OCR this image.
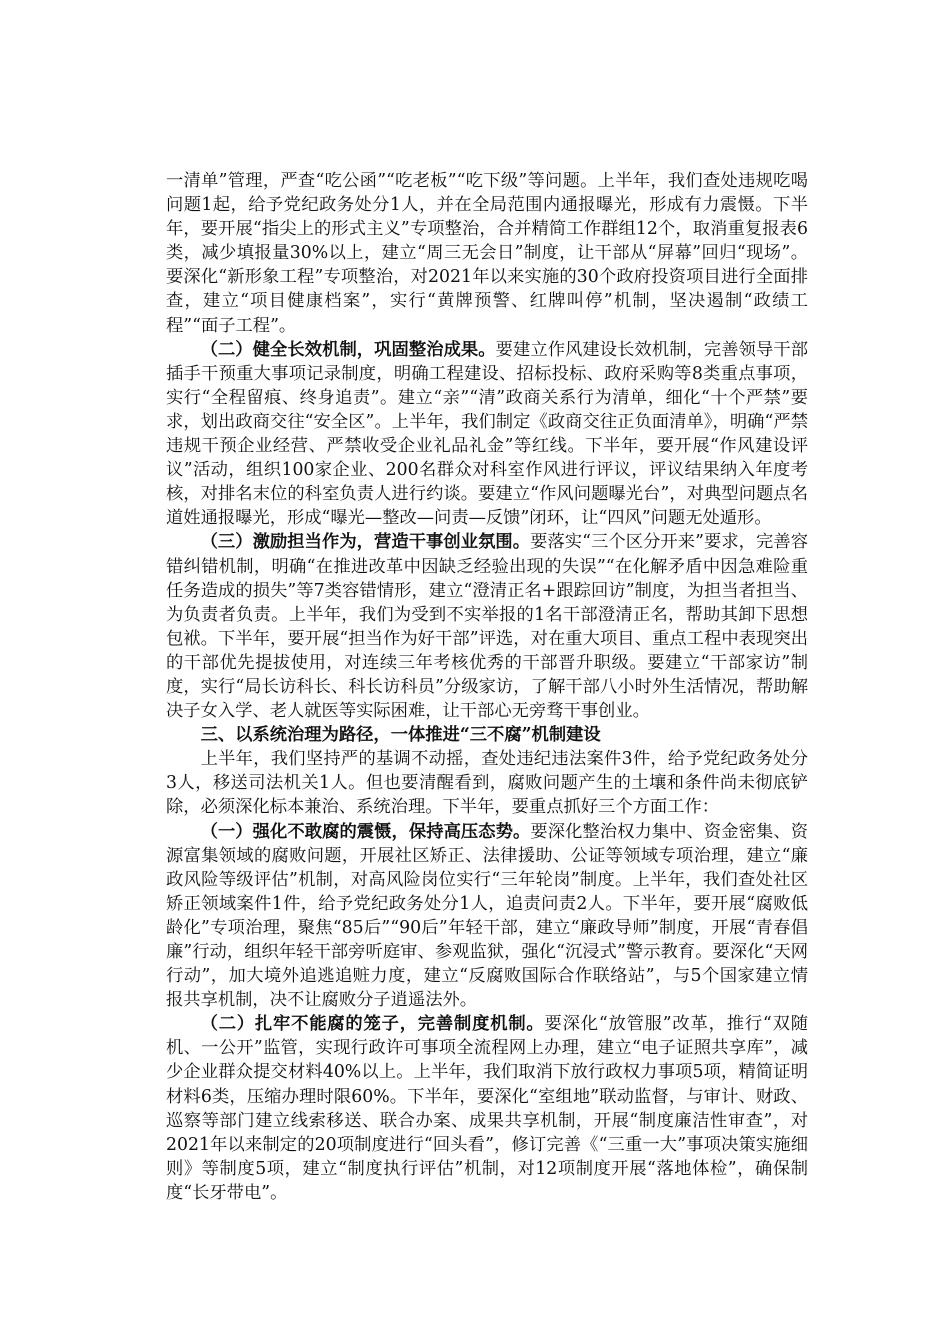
一清单”管理，严查“吃公函”“吃老板”“吃下级”等问题。上半年，我们查处违规吃喝问题1起，给予党纪政务处分1人，并在全局范围内通报曝光，形成有力震慑。下半年，要开展“指尖上的形式主义”专项整治，合并精简工作群组12个，取消重复报表6类，减少填报量30%以上，建立“周三无会日”制度，让干部从“屏幕”回归“现场”。要深化“新形象工程”专项整治，对2021年以来实施的30个政府投资项目进行全面排查，建立“项目健康档案”，实行“黄牌预警、红牌叫停”机制，坚决遏制“政绩工程”“面子工程”。

（二）健全长效机制，巩固整治成果。要建立作风建设长效机制，完善领导干部插手干预重大事项记录制度，明确工程建设、招标投标、政府采购等8类重点事项，实行“全程留痕、终身追责”。建立“亲”“清”政商关系行为清单，细化“十个严禁”要求，划出政商交往“安全区”。上半年，我们制定《政商交往正负面清单》，明确“严禁违规干预企业经营、严禁收受企业礼品礼金”等红线。下半年，要开展“作风建设评议”活动，组织100家企业、200名群众对科室作风进行评议，评议结果纳入年度考核，对排名末位的科室负责人进行约谈。要建立“作风问题曝光台”，对典型问题点名道姓通报曝光，形成“曝光—整改—问责—反馈”闭环，让“四风”问题无处遁形。

（三）激励担当作为，营造干事创业氛围。要落实“三个区分开来”要求，完善容错纠错机制，明确“在推进改革中因缺乏经验出现的失误”“在化解矛盾中因急难险重任务造成的损失”等7类容错情形，建立“澄清正名+跟踪回访”制度，为担当者担当、为负责者负责。上半年，我们为受到不实举报的1名干部澄清正名，帮助其卸下思想包袱。下半年，要开展“担当作为好干部”评选，对在重大项目、重点工程中表现突出的干部优先提拔使用，对连续三年考核优秀的干部晋升职级。要建立“干部家访”制度，实行“局长访科长、科长访科员”分级家访，了解干部八小时外生活情况，帮助解决子女入学、老人就医等实际困难，让干部心无旁骛干事创业。

三、以系统治理为路径，一体推进“三不腐”机制建设

上半年，我们坚持严的基调不动摇，查处违纪违法案件3件，给予党纪政务处分3人，移送司法机关1人。但也要清醒看到，腐败问题产生的土壤和条件尚未彻底铲除，必须深化标本兼治、系统治理。下半年，要重点抓好三个方面工作：

（一）强化不敢腐的震慑，保持高压态势。要深化整治权力集中、资金密集、资源富集领域的腐败问题，开展社区矫正、法律援助、公证等领域专项治理，建立“廉政风险等级评估”机制，对高风险岗位实行“三年轮岗”制度。上半年，我们查处社区矫正领域案件1件，给予党纪政务处分1人，追责问责2人。下半年，要开展“腐败低龄化”专项治理，聚焦“85后”“90后”年轻干部，建立“廉政导师”制度，开展“青春倡廉”行动，组织年轻干部旁听庭审、参观监狱，强化“沉浸式”警示教育。要深化“天网行动”，加大境外追逃追赃力度，建立“反腐败国际合作联络站”，与5个国家建立情报共享机制，决不让腐败分子逍遥法外。

（二）扎牢不能腐的笼子，完善制度机制。要深化“放管服”改革，推行“双随机、一公开”监管，实现行政许可事项全流程网上办理，建立“电子证照共享库”，减少企业群众提交材料40%以上。上半年，我们取消下放行政权力事项5项，精简证明材料6类，压缩办理时限60%。下半年，要深化“室组地”联动监督，与审计、财政、巡察等部门建立线索移送、联合办案、成果共享机制，开展“制度廉洁性审查”，对2021年以来制定的20项制度进行“回头看”，修订完善《“三重一大”事项决策实施细则》等制度5项，建立“制度执行评估”机制，对12项制度开展“落地体检”，确保制度“长牙带电”。
